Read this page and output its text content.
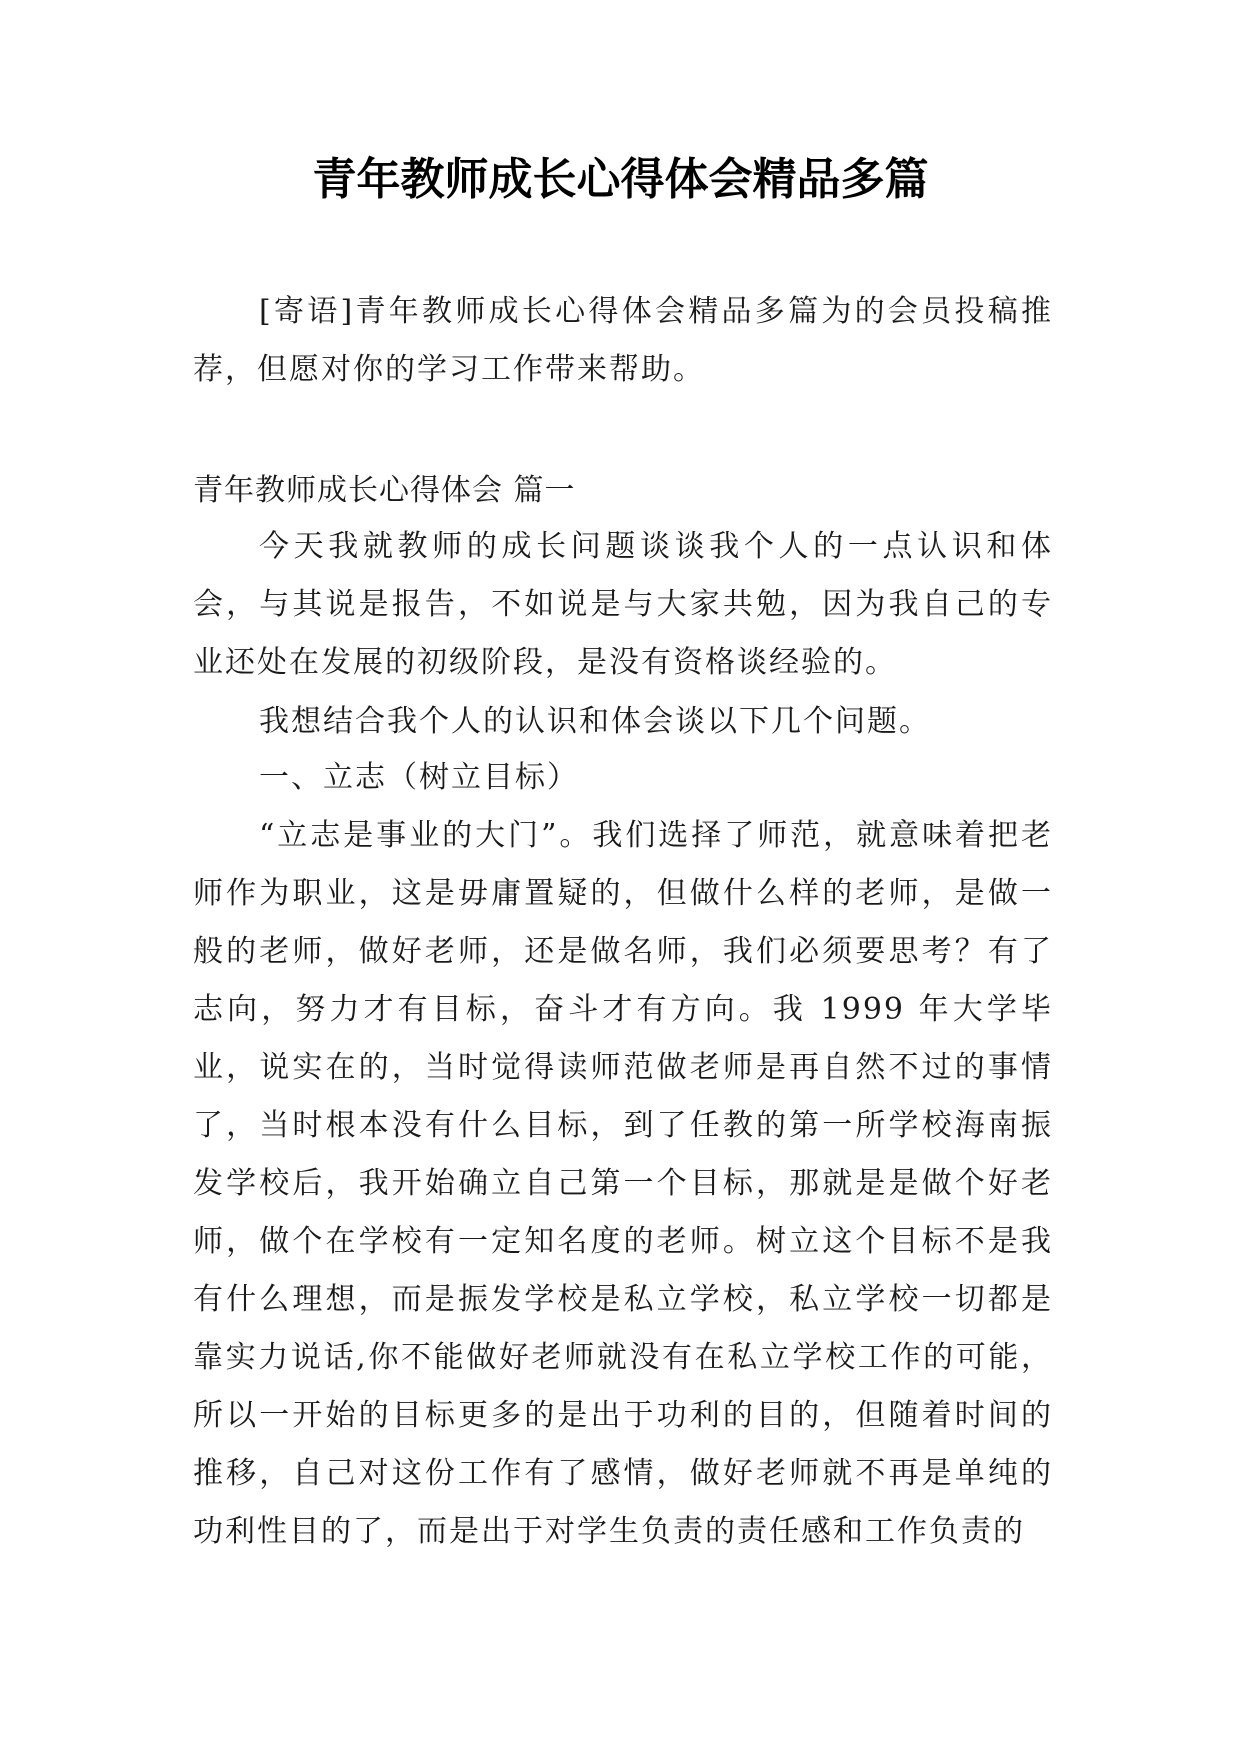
青年教师成长心得体会精品多篇

[寄语]青年教师成长心得体会精品多篇为的会员投稿推荐，但愿对你的学习工作带来帮助。

青年教师成长心得体会 篇一

今天我就教师的成长问题谈谈我个人的一点认识和体会，与其说是报告，不如说是与大家共勉，因为我自己的专业还处在发展的初级阶段，是没有资格谈经验的。

我想结合我个人的认识和体会谈以下几个问题。

一、立志（树立目标）

“立志是事业的大门”。我们选择了师范，就意味着把老师作为职业，这是毋庸置疑的，但做什么样的老师，是做一般的老师，做好老师，还是做名师，我们必须要思考？有了志向，努力才有目标，奋斗才有方向。我 1999 年大学毕业，说实在的，当时觉得读师范做老师是再自然不过的事情了，当时根本没有什么目标，到了任教的第一所学校海南振发学校后，我开始确立自己第一个目标，那就是是做个好老师，做个在学校有一定知名度的老师。树立这个目标不是我有什么理想，而是振发学校是私立学校，私立学校一切都是靠实力说话,你不能做好老师就没有在私立学校工作的可能，所以一开始的目标更多的是出于功利的目的，但随着时间的推移，自己对这份工作有了感情，做好老师就不再是单纯的功利性目的了，而是出于对学生负责的责任感和工作负责的
